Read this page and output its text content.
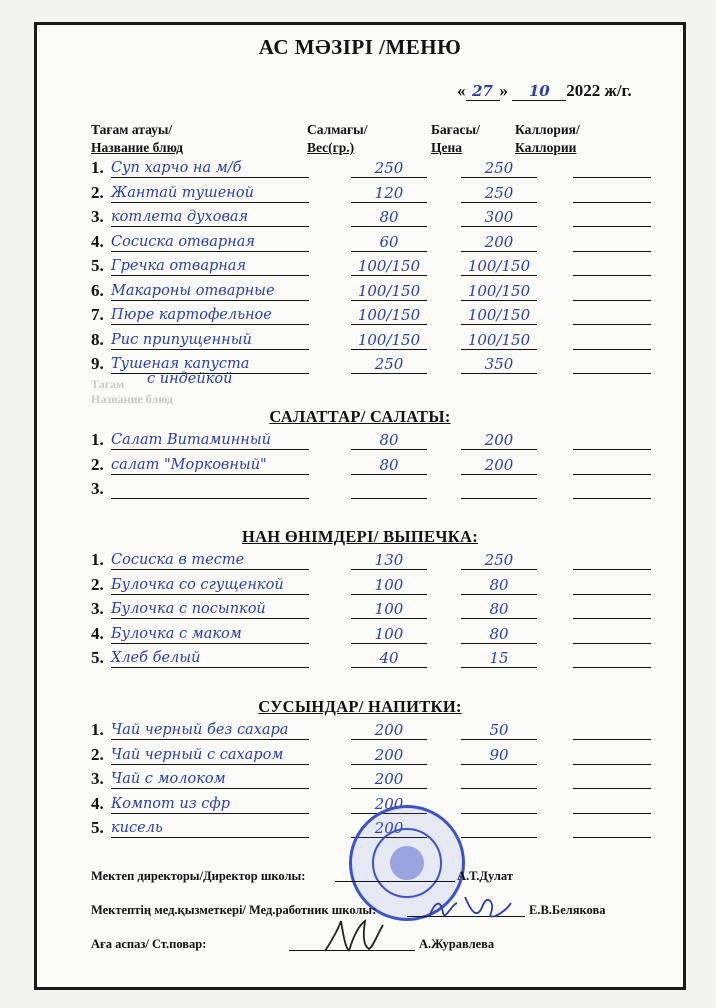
АС МӘЗІРІ /МЕНЮ
« 27 » 10 2022 ж/г.
Тағам атауы/
Название блюд
Салмағы/
Вес(гр.)
Бағасы/
Цена
Каллория/
Каллории
1. Суп харчо на м/б	250	250
2. Жантай тушеной	120	250
3. котлета духовая	80	300
4. Сосиска отварная	60	200
5. Гречка отварная	100/150	100/150
6. Макароны отварные	100/150	100/150
7. Пюре картофельное	100/150	100/150
8. Рис припущенный	100/150	100/150
9. Тушеная капуста	250	350
с индейкой
Тағам
Название блюд
САЛАТТАР/ САЛАТЫ:
1. Салат Витаминный	80	200
2. салат "Морковный"	80	200
3.
НАН ӨНІМДЕРІ/ ВЫПЕЧКА:
1. Сосиска в тесте	130	250
2. Булочка со сгущенкой	100	80
3. Булочка с посыпкой	100	80
4. Булочка с маком	100	80
5. Хлеб белый	40	15
СУСЫНДАР/ НАПИТКИ:
1. Чай черный без сахара	200	50
2. Чай черный с сахаром	200	90
3. Чай с молоком	200
4. Компот из сфр	200
5. кисель	200
Мектеп директоры/Директор школы:	А.Т.Дулат
Мектептің мед.қызметкері/ Мед.работник школы:	Е.В.Белякова
Аға аспаз/ Ст.повар:	А.Журавлева
